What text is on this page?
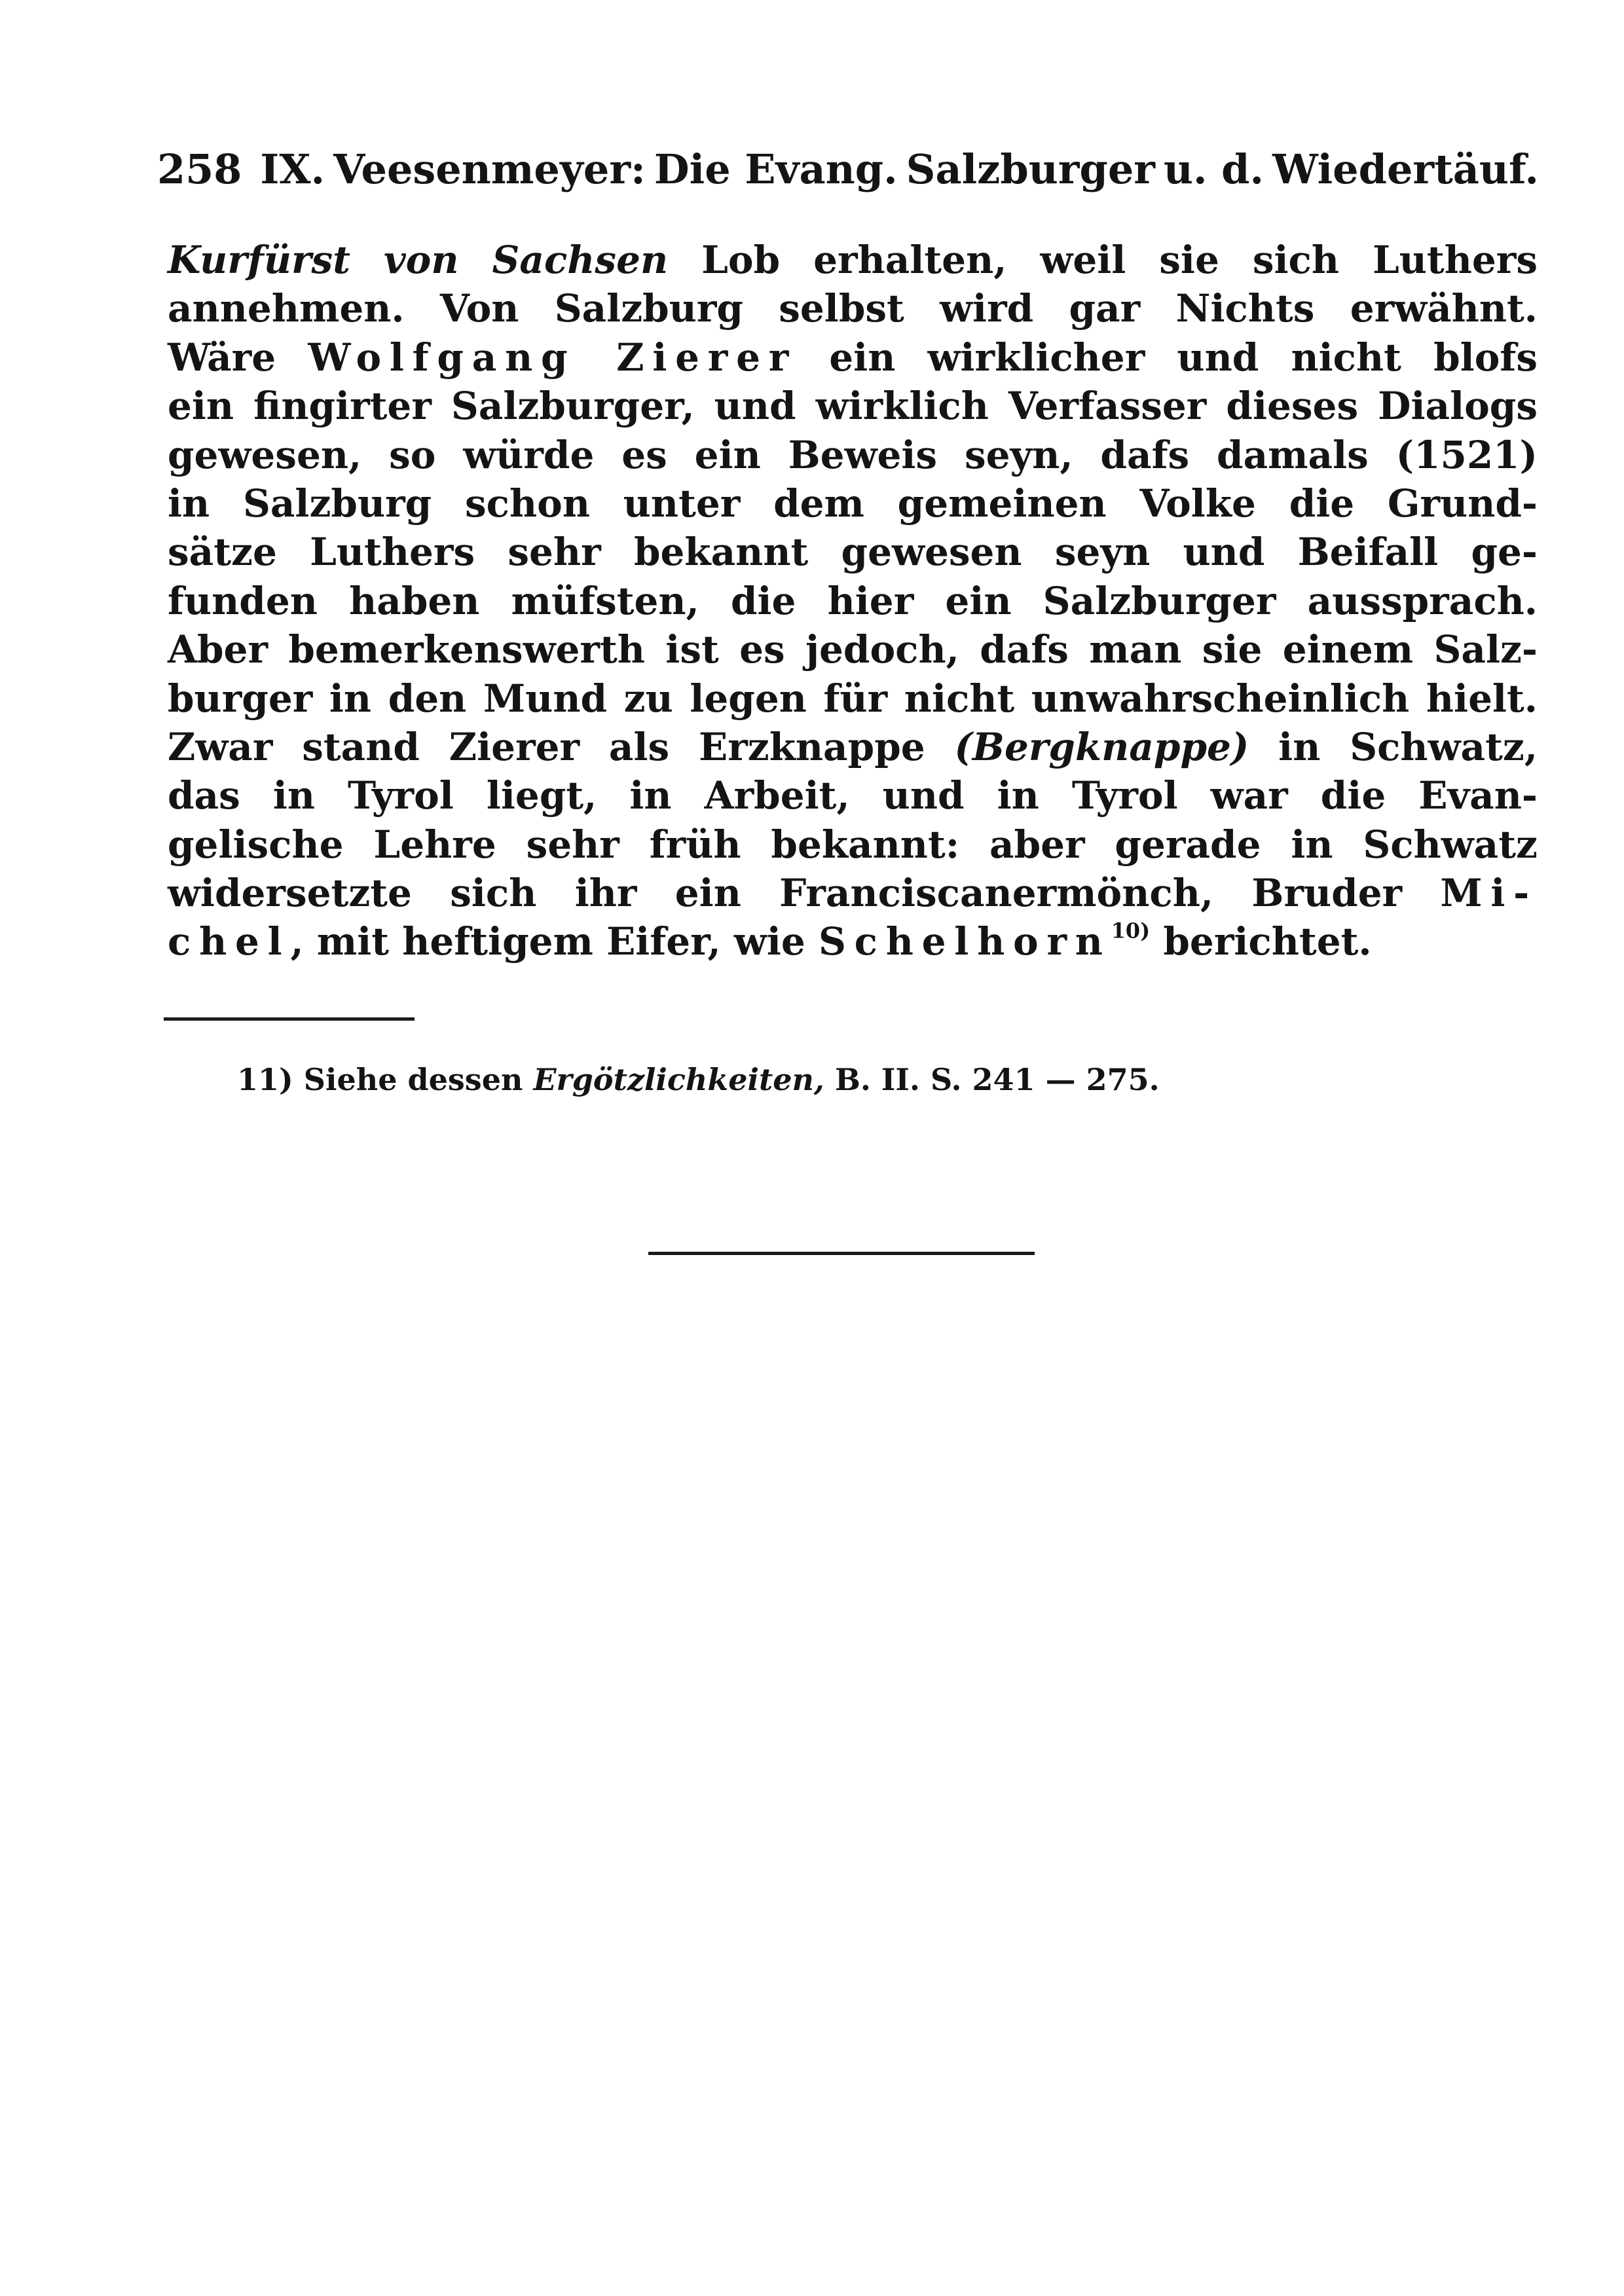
258 IX. Veesenmeyer: Die Evang. Salzburger u. d. Wiedertäuf.
Kurfürst von Sachsen Lob erhalten, weil sie sich Luthers
annehmen. Von Salzburg selbst wird gar Nichts erwähnt.
Wäre Wolfgang Zierer ein wirklicher und nicht blofs
ein fingirter Salzburger, und wirklich Verfasser dieses Dialogs
gewesen, so würde es ein Beweis seyn, dafs damals (1521)
in Salzburg schon unter dem gemeinen Volke die Grund-
sätze Luthers sehr bekannt gewesen seyn und Beifall ge-
funden haben müfsten, die hier ein Salzburger aussprach.
Aber bemerkenswerth ist es jedoch, dafs man sie einem Salz-
burger in den Mund zu legen für nicht unwahrscheinlich hielt.
Zwar stand Zierer als Erzknappe (Bergknappe) in Schwatz,
das in Tyrol liegt, in Arbeit, und in Tyrol war die Evan-
gelische Lehre sehr früh bekannt: aber gerade in Schwatz
widersetzte sich ihr ein Franciscanermönch, Bruder Mi-
chel, mit heftigem Eifer, wie Schelhorn$^{10)}$ berichtet.
11) Siehe dessen Ergötzlichkeiten, B. II. S. 241 — 275.
